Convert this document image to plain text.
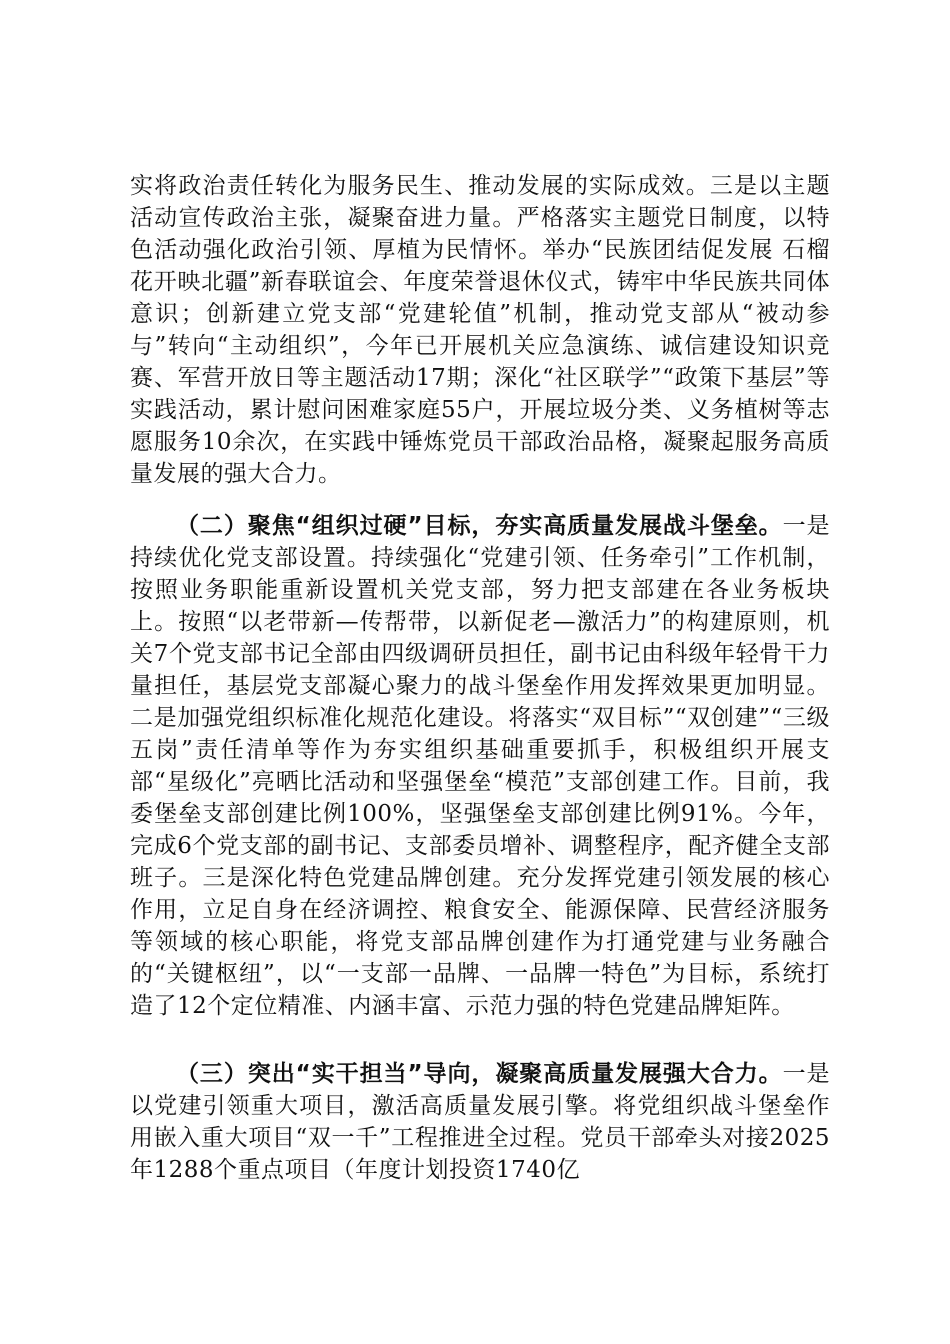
实将政治责任转化为服务民生、推动发展的实际成效。三是以主题活动宣传政治主张，凝聚奋进力量。严格落实主题党日制度，以特色活动强化政治引领、厚植为民情怀。举办“民族团结促发展 石榴花开映北疆”新春联谊会、年度荣誉退休仪式，铸牢中华民族共同体意识；创新建立党支部“党建轮值”机制，推动党支部从“被动参与”转向“主动组织”，今年已开展机关应急演练、诚信建设知识竞赛、军营开放日等主题活动17期；深化“社区联学”“政策下基层”等实践活动，累计慰问困难家庭55户，开展垃圾分类、义务植树等志愿服务10余次，在实践中锤炼党员干部政治品格，凝聚起服务高质量发展的强大合力。
（二）聚焦“组织过硬”目标，夯实高质量发展战斗堡垒。一是持续优化党支部设置。持续强化“党建引领、任务牵引”工作机制，按照业务职能重新设置机关党支部，努力把支部建在各业务板块上。按照“以老带新—传帮带，以新促老—激活力”的构建原则，机关7个党支部书记全部由四级调研员担任，副书记由科级年轻骨干力量担任，基层党支部凝心聚力的战斗堡垒作用发挥效果更加明显。二是加强党组织标准化规范化建设。将落实“双目标”“双创建”“三级五岗”责任清单等作为夯实组织基础重要抓手，积极组织开展支部“星级化”亮晒比活动和坚强堡垒“模范”支部创建工作。目前，我委堡垒支部创建比例100%，坚强堡垒支部创建比例91%。今年，完成6个党支部的副书记、支部委员增补、调整程序，配齐健全支部班子。三是深化特色党建品牌创建。充分发挥党建引领发展的核心作用，立足自身在经济调控、粮食安全、能源保障、民营经济服务等领域的核心职能，将党支部品牌创建作为打通党建与业务融合的“关键枢纽”，以“一支部一品牌、一品牌一特色”为目标，系统打造了12个定位精准、内涵丰富、示范力强的特色党建品牌矩阵。
（三）突出“实干担当”导向，凝聚高质量发展强大合力。一是以党建引领重大项目，激活高质量发展引擎。将党组织战斗堡垒作用嵌入重大项目“双一千”工程推进全过程。党员干部牵头对接2025年1288个重点项目（年度计划投资1740亿
